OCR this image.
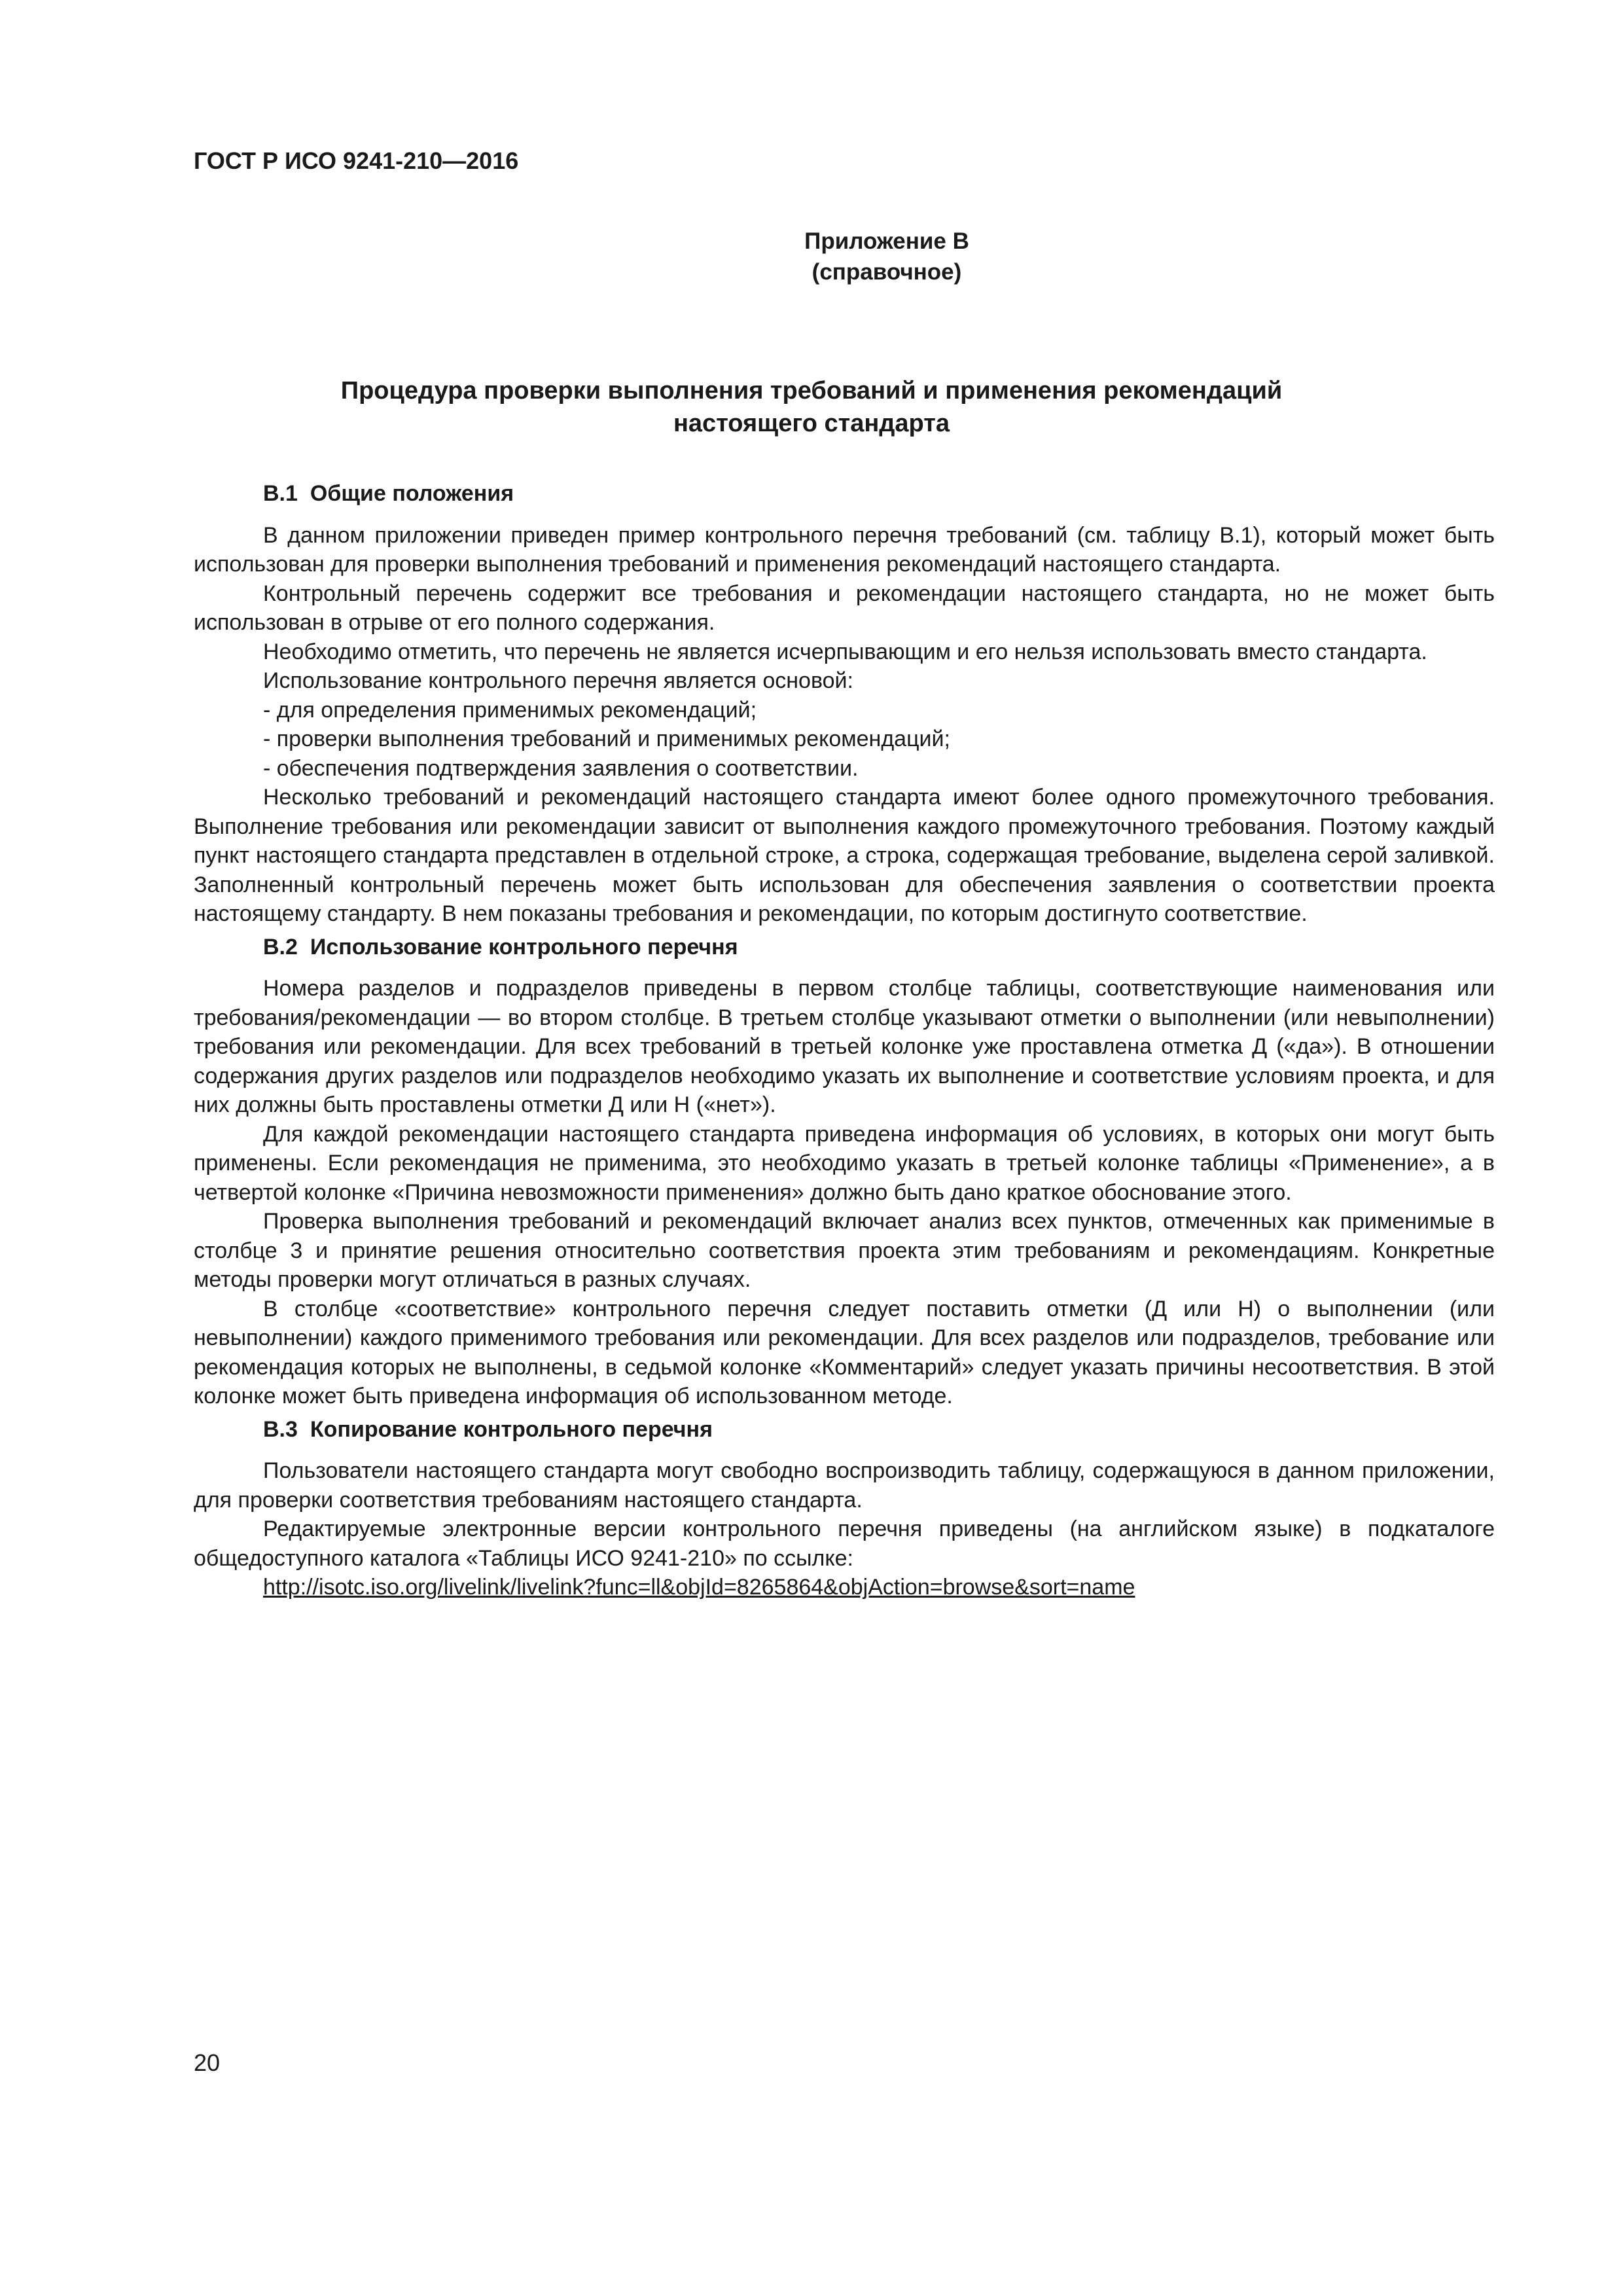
ГОСТ Р ИСО 9241-210—2016
Приложение В
(справочное)
Процедура проверки выполнения требований и применения рекомендаций
настоящего стандарта
В.1 Общие положения

В данном приложении приведен пример контрольного перечня требований (см. таблицу В.1), который может быть использован для проверки выполнения требований и применения рекомендаций настоящего стандарта.

Контрольный перечень содержит все требования и рекомендации настоящего стандарта, но не может быть использован в отрыве от его полного содержания.

Необходимо отметить, что перечень не является исчерпывающим и его нельзя использовать вместо стандарта.

Использование контрольного перечня является основой:

- для определения применимых рекомендаций;

- проверки выполнения требований и применимых рекомендаций;

- обеспечения подтверждения заявления о соответствии.

Несколько требований и рекомендаций настоящего стандарта имеют более одного промежуточного требования. Выполнение требования или рекомендации зависит от выполнения каждого промежуточного требования. Поэтому каждый пункт настоящего стандарта представлен в отдельной строке, а строка, содержащая требование, выделена серой заливкой. Заполненный контрольный перечень может быть использован для обеспечения заявления о соответствии проекта настоящему стандарту. В нем показаны требования и рекомендации, по которым достигнуто соответствие.

В.2 Использование контрольного перечня

Номера разделов и подразделов приведены в первом столбце таблицы, соответствующие наименования или требования/рекомендации — во втором столбце. В третьем столбце указывают отметки о выполнении (или невыполнении) требования или рекомендации. Для всех требований в третьей колонке уже проставлена отметка Д («да»). В отношении содержания других разделов или подразделов необходимо указать их выполнение и соответствие условиям проекта, и для них должны быть проставлены отметки Д или Н («нет»).

Для каждой рекомендации настоящего стандарта приведена информация об условиях, в которых они могут быть применены. Если рекомендация не применима, это необходимо указать в третьей колонке таблицы «Применение», а в четвертой колонке «Причина невозможности применения» должно быть дано краткое обоснование этого.

Проверка выполнения требований и рекомендаций включает анализ всех пунктов, отмеченных как применимые в столбце 3 и принятие решения относительно соответствия проекта этим требованиям и рекомендациям. Конкретные методы проверки могут отличаться в разных случаях.

В столбце «соответствие» контрольного перечня следует поставить отметки (Д или Н) о выполнении (или невыполнении) каждого применимого требования или рекомендации. Для всех разделов или подразделов, требование или рекомендация которых не выполнены, в седьмой колонке «Комментарий» следует указать причины несоответствия. В этой колонке может быть приведена информация об использованном методе.

В.3 Копирование контрольного перечня

Пользователи настоящего стандарта могут свободно воспроизводить таблицу, содержащуюся в данном приложении, для проверки соответствия требованиям настоящего стандарта.

Редактируемые электронные версии контрольного перечня приведены (на английском языке) в подкаталоге общедоступного каталога «Таблицы ИСО 9241-210» по ссылке:

http://isotc.iso.org/livelink/livelink?func=ll&objId=8265864&objAction=browse&sort=name

20
